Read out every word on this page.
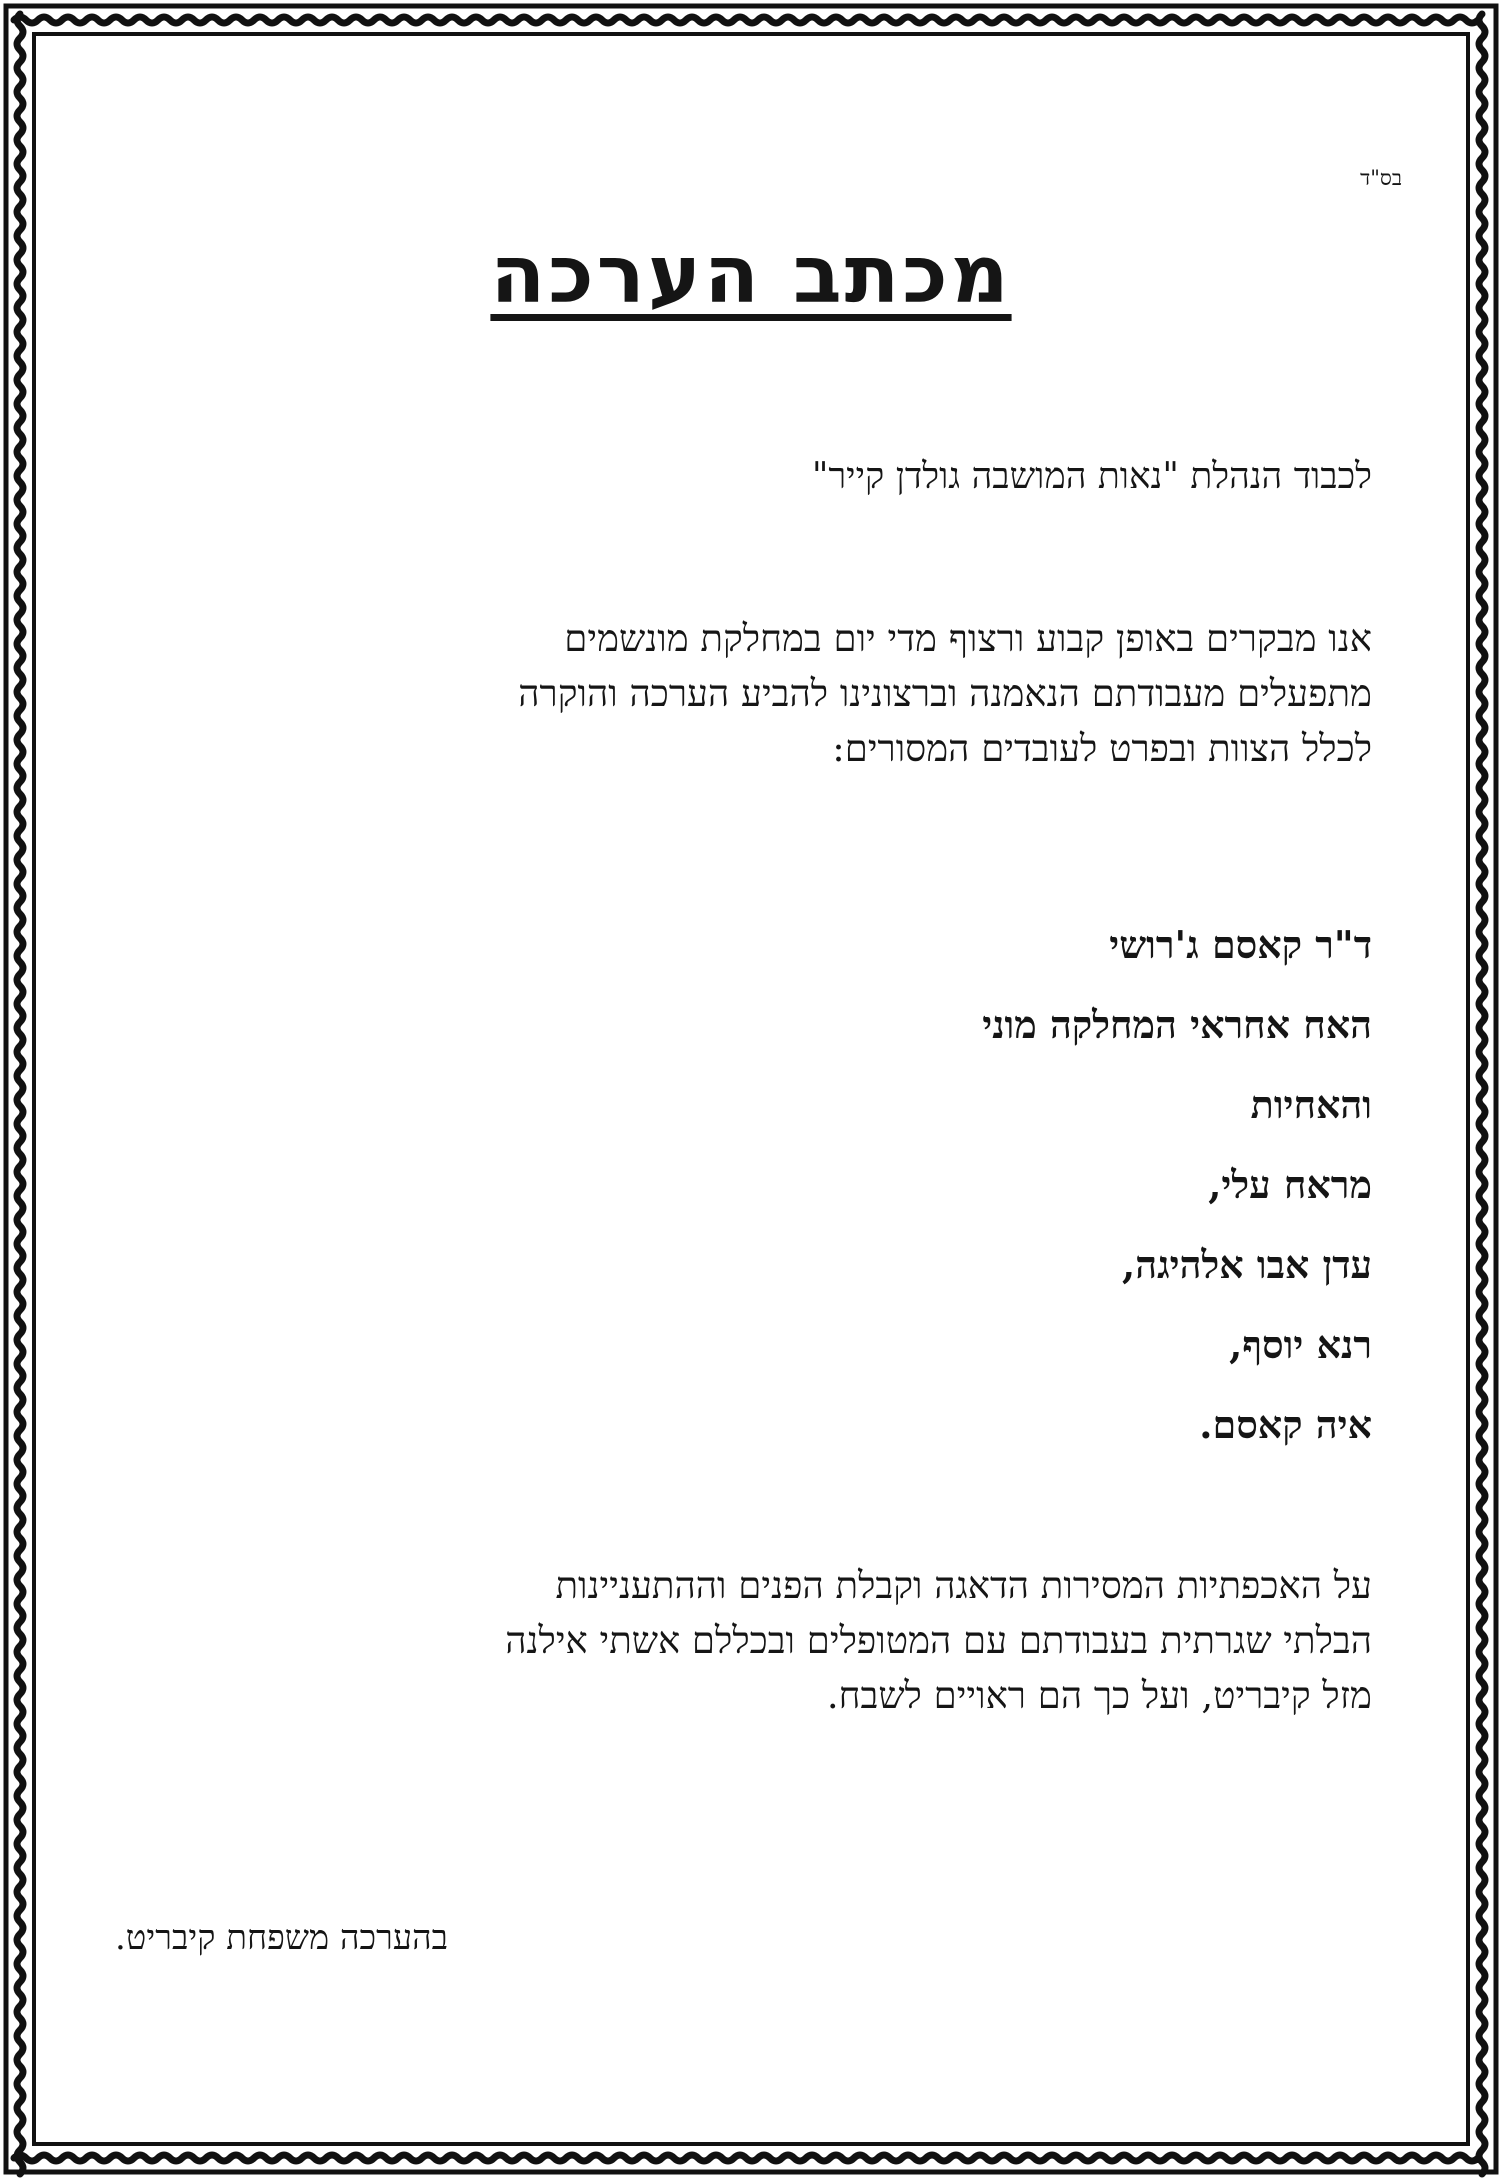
בס"ד
מכתב הערכה
לכבוד הנהלת "נאות המושבה גולדן קייר"
אנו מבקרים באופן קבוע ורצוף מדי יום במחלקת מונשמים
מתפעלים מעבודתם הנאמנה וברצונינו להביע הערכה והוקרה
לכלל הצוות ובפרט לעובדים המסורים:
ד"ר קאסם ג'רושי
האח אחראי המחלקה מוני
והאחיות
מראח עלי,
עדן אבו אלהיגה,
רנא יוסף,
איה קאסם.
על האכפתיות המסירות הדאגה וקבלת הפנים וההתעניינות
הבלתי שגרתית בעבודתם עם המטופלים ובכללם אשתי אילנה
מזל קיבריט, ועל כך הם ראויים לשבח.
בהערכה משפחת קיבריט.
